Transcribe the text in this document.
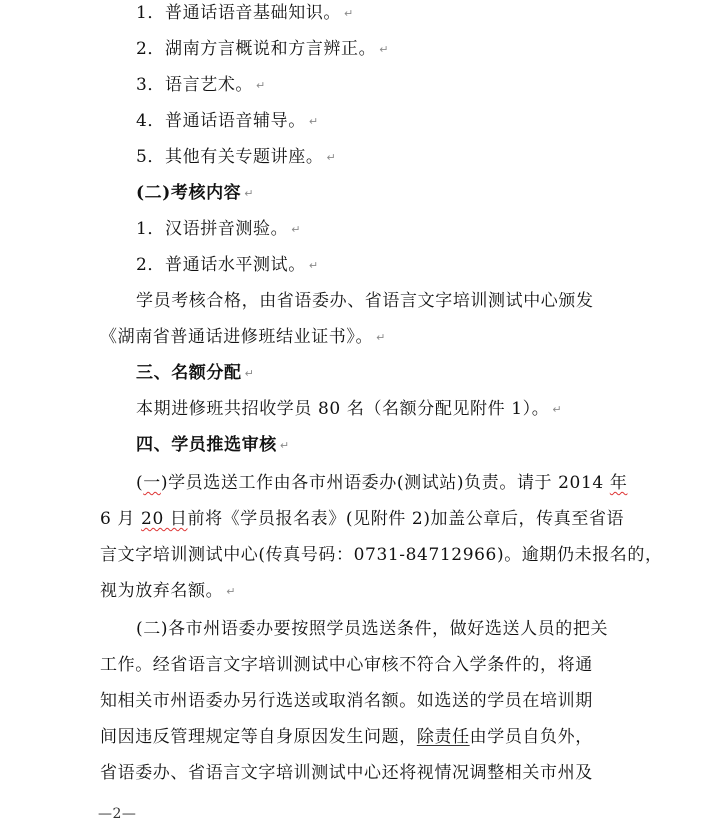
1．普通话语音基础知识。 ↵
2．湖南方言概说和方言辨正。 ↵
3．语言艺术。 ↵
4．普通话语音辅导。 ↵
5．其他有关专题讲座。 ↵
(二)考核内容 ↵
1．汉语拼音测验。 ↵
2．普通话水平测试。 ↵
学员考核合格，由省语委办、省语言文字培训测试中心颁发
《湖南省普通话进修班结业证书》。 ↵
三、名额分配 ↵
本期进修班共招收学员 80 名（名额分配见附件 1）。 ↵
四、学员推选审核 ↵
(一)学员选送工作由各市州语委办(测试站)负责。请于 2014 年
6 月 20 日前将《学员报名表》(见附件 2)加盖公章后，传真至省语
言文字培训测试中心(传真号码：0731-84712966)。逾期仍未报名的，
视为放弃名额。 ↵
(二)各市州语委办要按照学员选送条件，做好选送人员的把关
工作。经省语言文字培训测试中心审核不符合入学条件的，将通
知相关市州语委办另行选送或取消名额。如选送的学员在培训期
间因违反管理规定等自身原因发生问题，除责任由学员自负外，
省语委办、省语言文字培训测试中心还将视情况调整相关市州及
—2—
